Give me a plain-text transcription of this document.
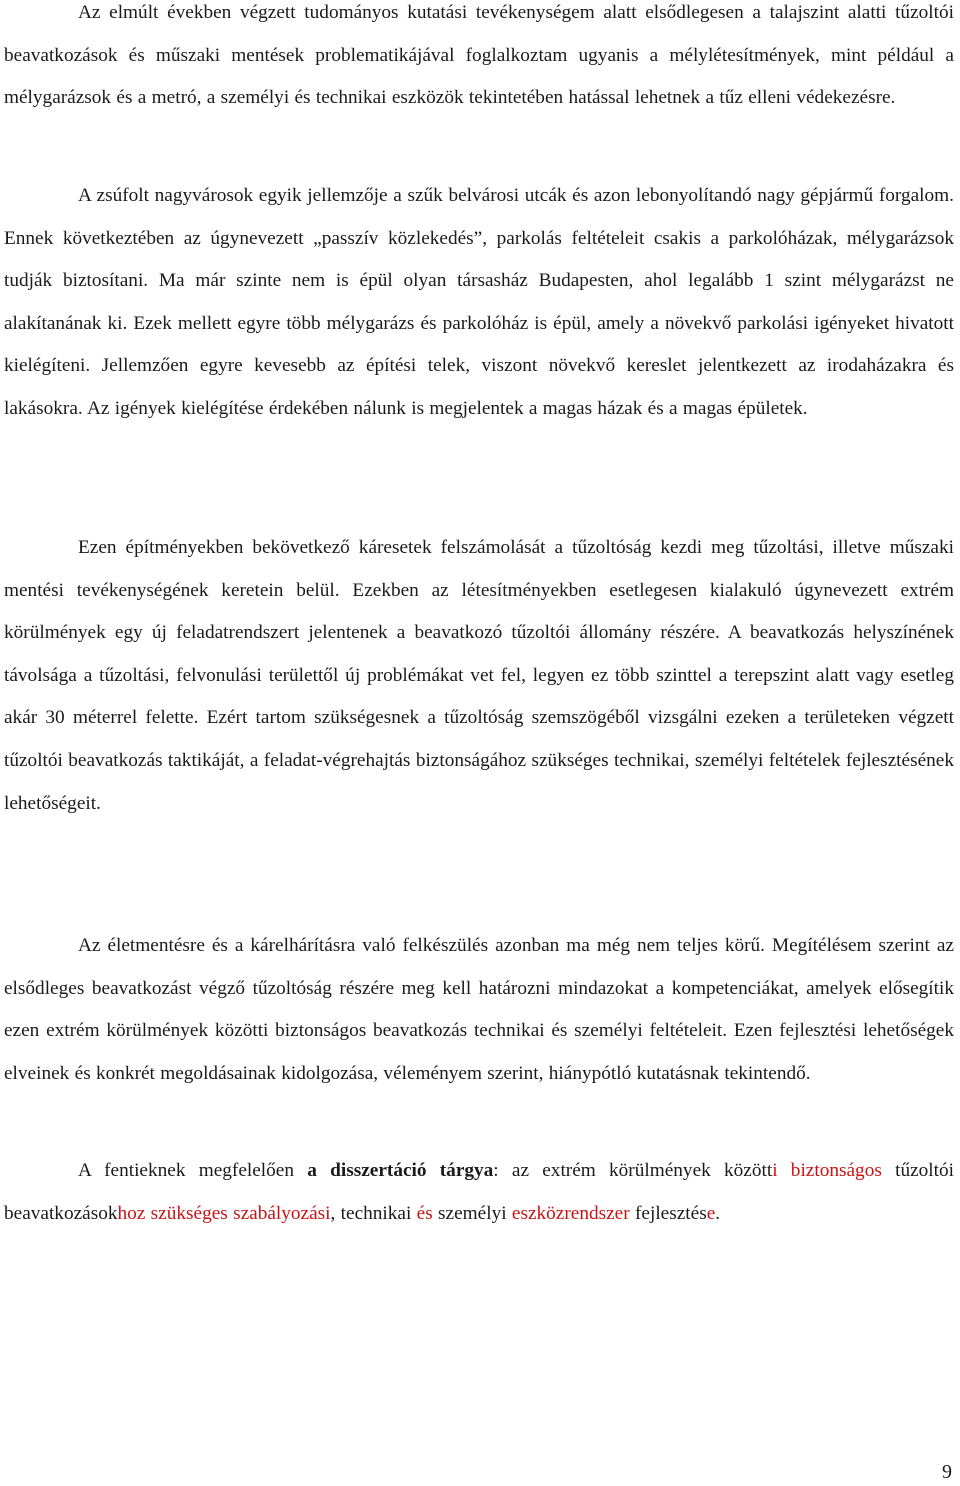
Az elmúlt években végzett tudományos kutatási tevékenységem alatt elsődlegesen a talajszint alatti tűzoltói beavatkozások és műszaki mentések problematikájával foglalkoztam ugyanis a mélylétesítmények, mint például a mélygarázsok és a metró, a személyi és technikai eszközök tekintetében hatással lehetnek a tűz elleni védekezésre.

A zsúfolt nagyvárosok egyik jellemzője a szűk belvárosi utcák és azon lebonyolítandó nagy gépjármű forgalom. Ennek következtében az úgynevezett „passzív közlekedés”, parkolás feltételeit csakis a parkolóházak, mélygarázsok tudják biztosítani. Ma már szinte nem is épül olyan társasház Budapesten, ahol legalább 1 szint mélygarázst ne alakítanának ki. Ezek mellett egyre több mélygarázs és parkolóház is épül, amely a növekvő parkolási igényeket hivatott kielégíteni. Jellemzően egyre kevesebb az építési telek, viszont növekvő kereslet jelentkezett az irodaházakra és lakásokra. Az igények kielégítése érdekében nálunk is megjelentek a magas házak és a magas épületek.

Ezen építményekben bekövetkező káresetek felszámolását a tűzoltóság kezdi meg tűzoltási, illetve műszaki mentési tevékenységének keretein belül. Ezekben az létesítményekben esetlegesen kialakuló úgynevezett extrém körülmények egy új feladatrendszert jelentenek a beavatkozó tűzoltói állomány részére. A beavatkozás helyszínének távolsága a tűzoltási, felvonulási területtől új problémákat vet fel, legyen ez több szinttel a terepszint alatt vagy esetleg akár 30 méterrel felette. Ezért tartom szükségesnek a tűzoltóság szemszögéből vizsgálni ezeken a területeken végzett tűzoltói beavatkozás taktikáját, a feladat-végrehajtás biztonságához szükséges technikai, személyi feltételek fejlesztésének lehetőségeit.

Az életmentésre és a kárelhárításra való felkészülés azonban ma még nem teljes körű. Megítélésem szerint az elsődleges beavatkozást végző tűzoltóság részére meg kell határozni mindazokat a kompetenciákat, amelyek elősegítik ezen extrém körülmények közötti biztonságos beavatkozás technikai és személyi feltételeit. Ezen fejlesztési lehetőségek elveinek és konkrét megoldásainak kidolgozása, véleményem szerint, hiánypótló kutatásnak tekintendő.

A fentieknek megfelelően a disszertáció tárgya: az extrém körülmények közötti biztonságos tűzoltói beavatkozásokhoz szükséges szabályozási, technikai és személyi eszközrendszer fejlesztése.

9
